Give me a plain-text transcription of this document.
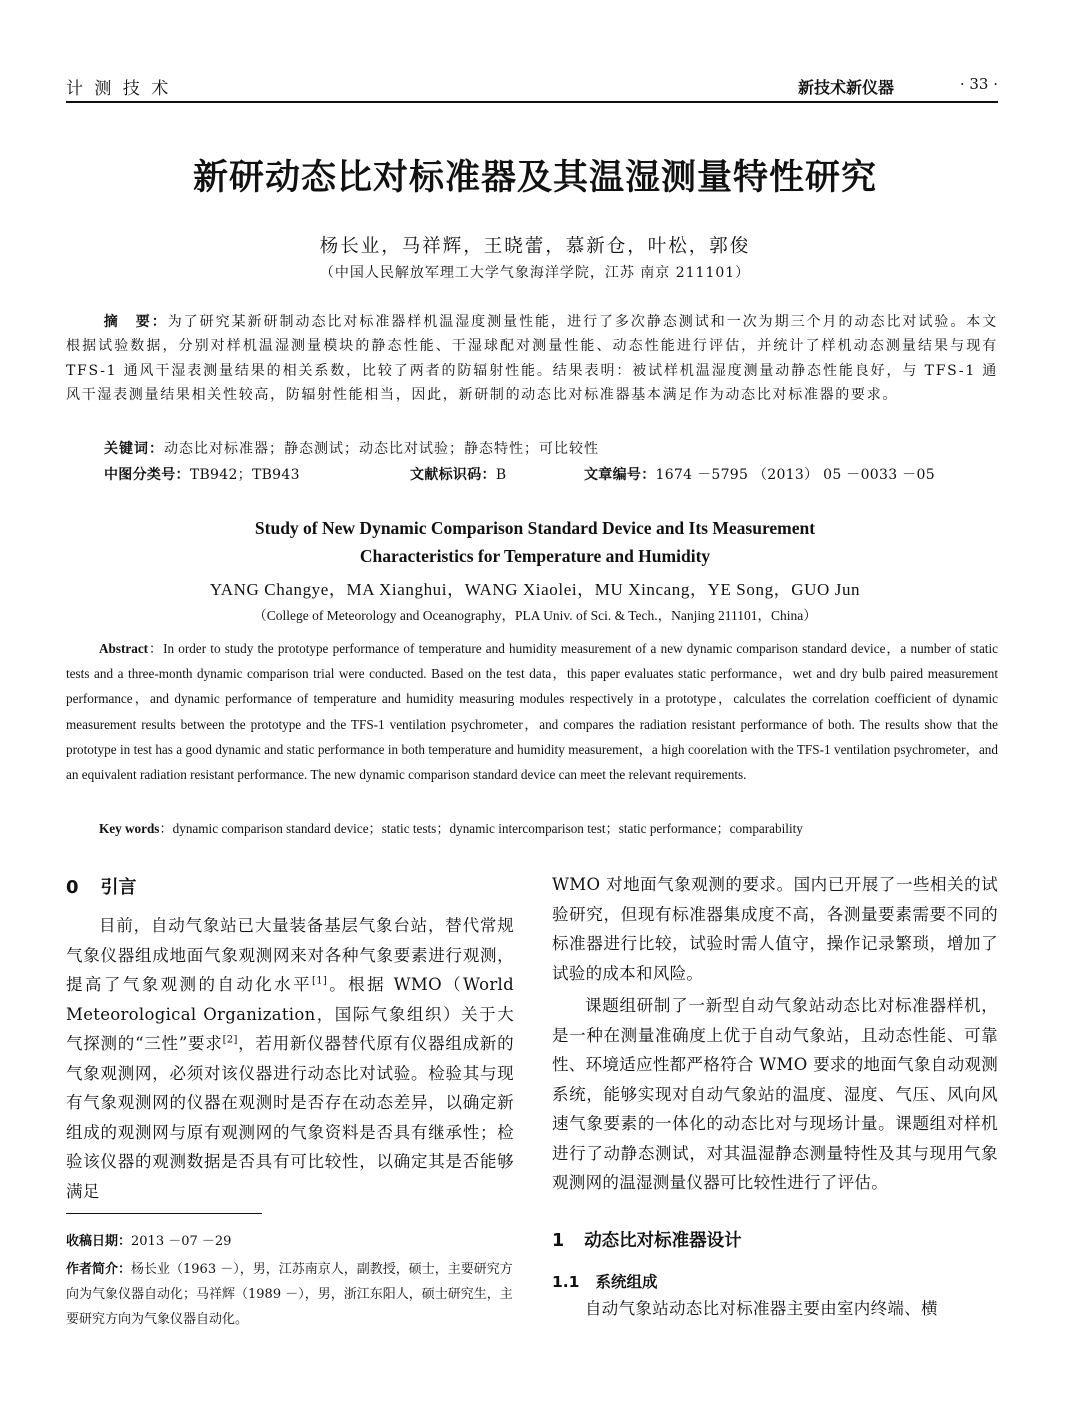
计 测 技 术	新技术新仪器	· 33 ·
新研动态比对标准器及其温湿测量特性研究
杨长业，马祥辉，王晓蕾，慕新仓，叶松，郭俊
（中国人民解放军理工大学气象海洋学院，江苏 南京 211101）

摘　要：为了研究某新研制动态比对标准器样机温湿度测量性能，进行了多次静态测试和一次为期三个月的动态比对试验。本文根据试验数据，分别对样机温湿测量模块的静态性能、干湿球配对测量性能、动态性能进行评估，并统计了样机动态测量结果与现有 TFS-1 通风干湿表测量结果的相关系数，比较了两者的防辐射性能。结果表明：被试样机温湿度测量动静态性能良好，与 TFS-1 通风干湿表测量结果相关性较高，防辐射性能相当，因此，新研制的动态比对标准器基本满足作为动态比对标准器的要求。

关键词：动态比对标准器；静态测试；动态比对试验；静态特性；可比较性
中图分类号：TB942；TB943	文献标识码：B	文章编号：1674 －5795 （2013） 05 －0033 －05
Study of New Dynamic Comparison Standard Device and Its Measurement
Characteristics for Temperature and Humidity
YANG Changye，MA Xianghui，WANG Xiaolei，MU Xincang，YE Song，GUO Jun
（College of Meteorology and Oceanography，PLA Univ. of Sci. & Tech.，Nanjing 211101，China）

Abstract：In order to study the prototype performance of temperature and humidity measurement of a new dynamic comparison standard device，a number of static tests and a three-month dynamic comparison trial were conducted. Based on the test data，this paper evaluates static performance，wet and dry bulb paired measurement performance，and dynamic performance of temperature and humidity measuring modules respectively in a prototype，calculates the correlation coefficient of dynamic measurement results between the prototype and the TFS-1 ventilation psychrometer，and compares the radiation resistant performance of both. The results show that the prototype in test has a good dynamic and static performance in both temperature and humidity measurement，a high coorelation with the TFS-1 ventilation psychrometer，and an equivalent radiation resistant performance. The new dynamic comparison standard device can meet the relevant requirements.

Key words：dynamic comparison standard device；static tests；dynamic intercomparison test；static performance；comparability

0 引言
目前，自动气象站已大量装备基层气象台站，替代常规气象仪器组成地面气象观测网来对各种气象要素进行观测，提高了气象观测的自动化水平[1]。根据 WMO（World Meteorological Organization，国际气象组织）关于大气探测的“三性”要求[2]，若用新仪器替代原有仪器组成新的气象观测网，必须对该仪器进行动态比对试验。检验其与现有气象观测网的仪器在观测时是否存在动态差异，以确定新组成的观测网与原有观测网的气象资料是否具有继承性；检验该仪器的观测数据是否具有可比较性，以确定其是否能够满足

收稿日期：2013 －07 －29

作者简介：杨长业（1963 －），男，江苏南京人，副教授，硕士，主要研究方向为气象仪器自动化；马祥辉（1989 －），男，浙江东阳人，硕士研究生，主要研究方向为气象仪器自动化。

WMO 对地面气象观测的要求。国内已开展了一些相关的试验研究，但现有标准器集成度不高，各测量要素需要不同的标准器进行比较，试验时需人值守，操作记录繁琐，增加了试验的成本和风险。

课题组研制了一新型自动气象站动态比对标准器样机，是一种在测量准确度上优于自动气象站，且动态性能、可靠性、环境适应性都严格符合 WMO 要求的地面气象自动观测系统，能够实现对自动气象站的温度、湿度、气压、风向风速气象要素的一体化的动态比对与现场计量。课题组对样机进行了动静态测试，对其温湿静态测量特性及其与现用气象观测网的温湿测量仪器可比较性进行了评估。

1 动态比对标准器设计
1.1 系统组成
自动气象站动态比对标准器主要由室内终端、横
